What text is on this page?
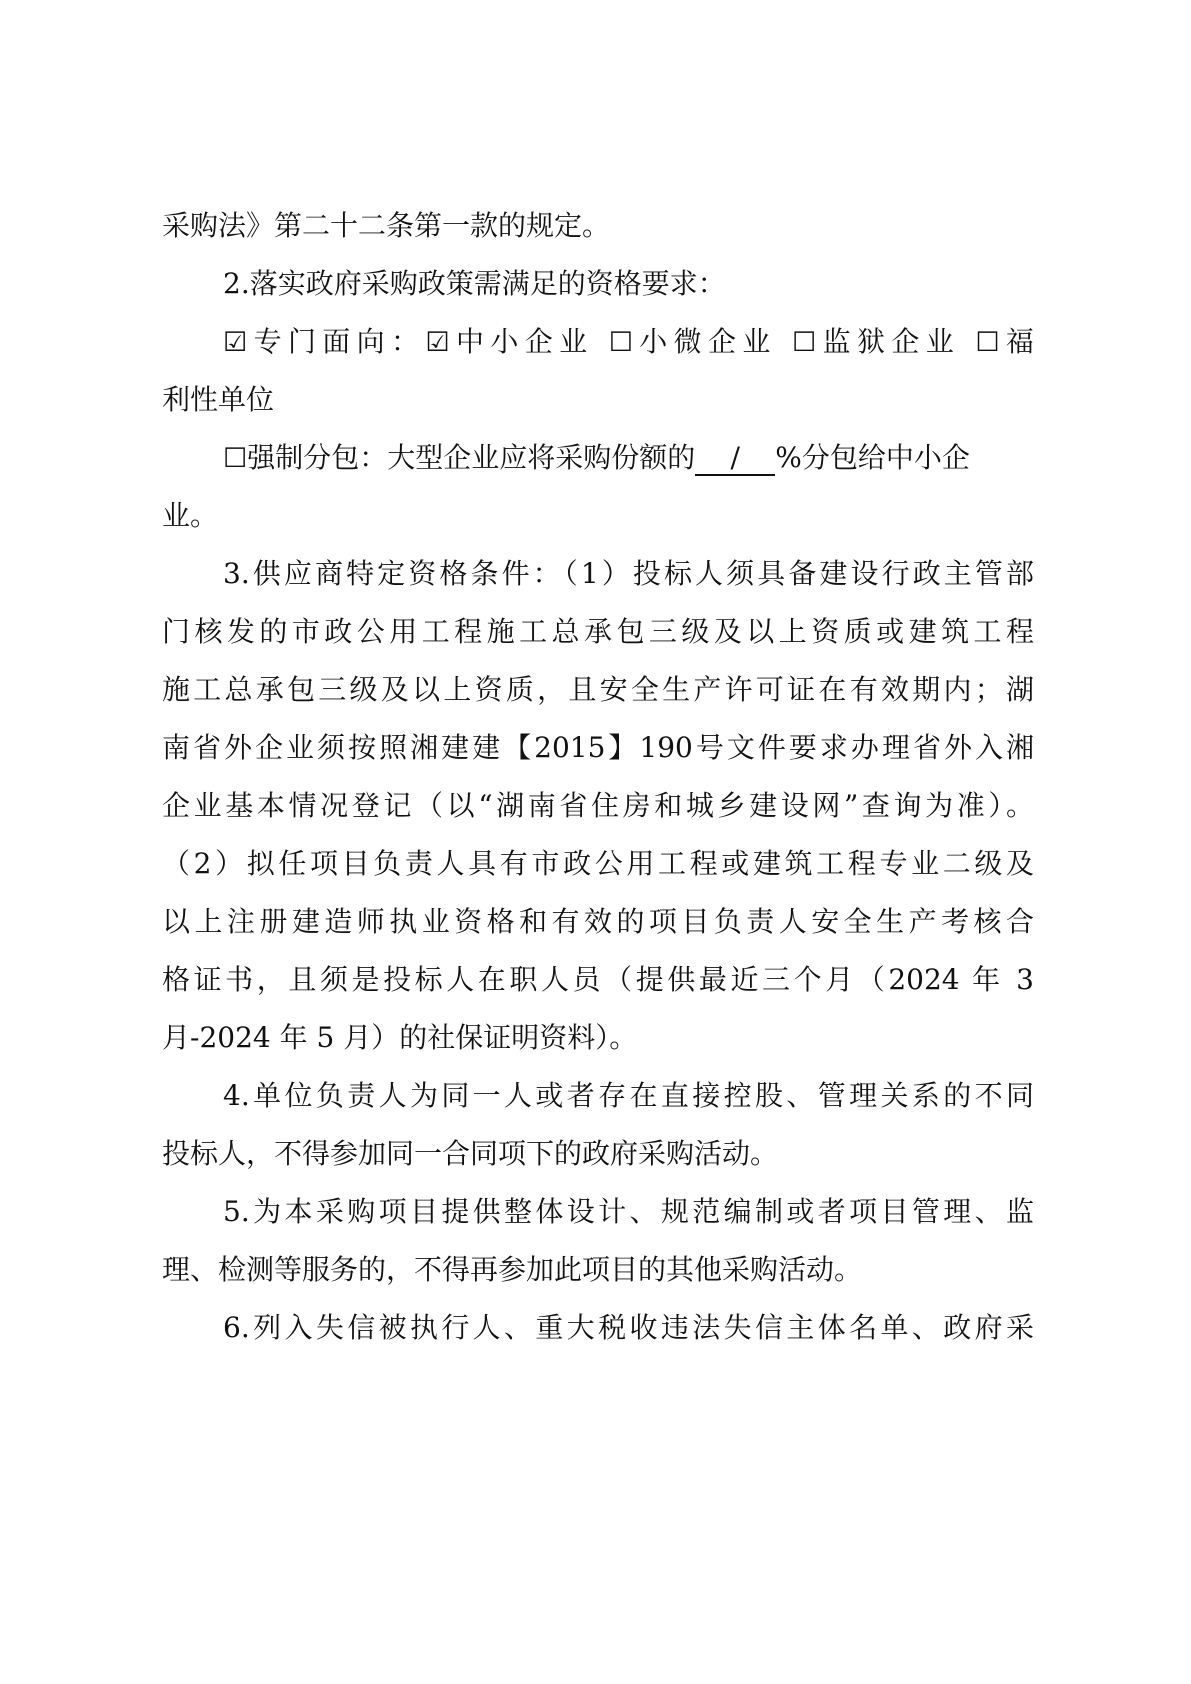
采购法》第二十二条第一款的规定。
2.落实政府采购政策需满足的资格要求：
☑专门面向：☑中小企业 ☐小微企业 ☐监狱企业 ☐福
利性单位
☐强制分包：大型企业应将采购份额的 / %分包给中小企
业。
3.供应商特定资格条件：（1）投标人须具备建设行政主管部
门核发的市政公用工程施工总承包三级及以上资质或建筑工程
施工总承包三级及以上资质，且安全生产许可证在有效期内；湖
南省外企业须按照湘建建【2015】190号文件要求办理省外入湘
企业基本情况登记（以“湖南省住房和城乡建设网”查询为准）。
（2）拟任项目负责人具有市政公用工程或建筑工程专业二级及
以上注册建造师执业资格和有效的项目负责人安全生产考核合
格证书，且须是投标人在职人员（提供最近三个月（2024 年 3
月-2024 年 5 月）的社保证明资料）。
4.单位负责人为同一人或者存在直接控股、管理关系的不同
投标人，不得参加同一合同项下的政府采购活动。
5.为本采购项目提供整体设计、规范编制或者项目管理、监
理、检测等服务的，不得再参加此项目的其他采购活动。
6.列入失信被执行人、重大税收违法失信主体名单、政府采
